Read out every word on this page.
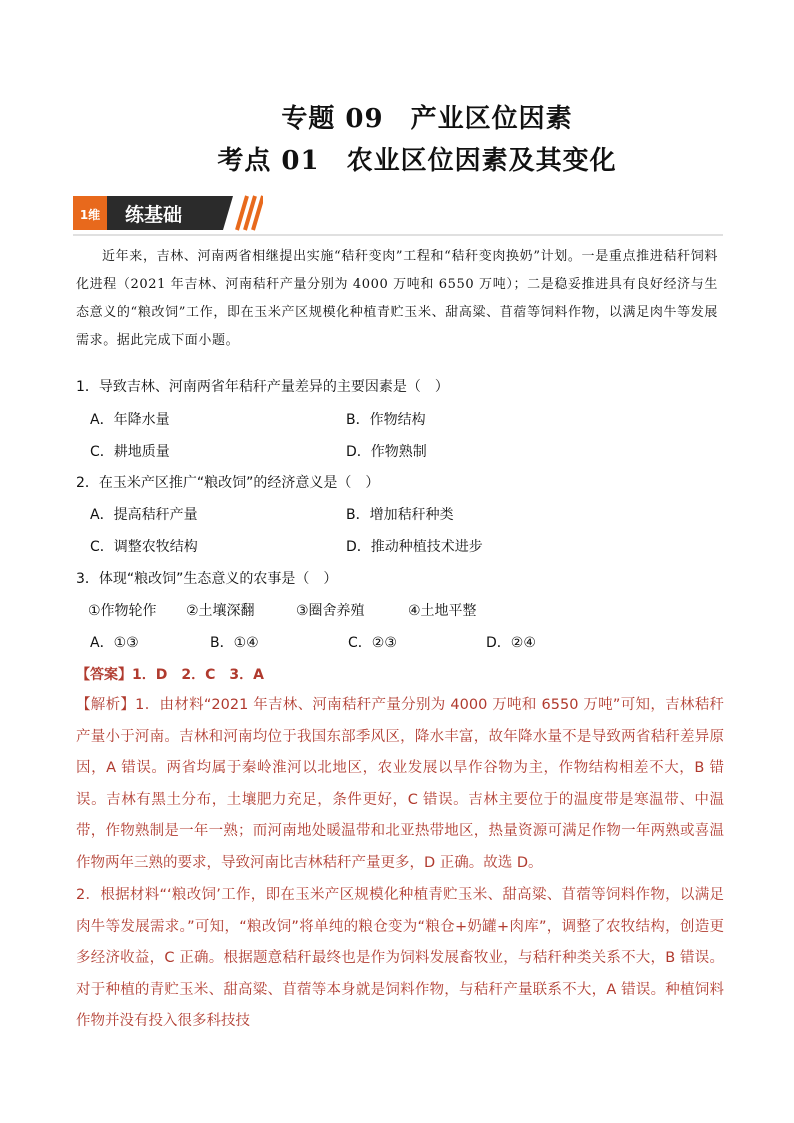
专题 09　产业区位因素
考点 01　农业区位因素及其变化
1维 练基础
近年来，吉林、河南两省相继提出实施“秸秆变肉”工程和“秸秆变肉换奶”计划。一是重点推进秸秆饲料化进程（2021 年吉林、河南秸秆产量分别为 4000 万吨和 6550 万吨）；二是稳妥推进具有良好经济与生态意义的“粮改饲”工作，即在玉米产区规模化种植青贮玉米、甜高粱、苜蓿等饲料作物，以满足肉牛等发展需求。据此完成下面小题。
1．导致吉林、河南两省年秸秆产量差异的主要因素是（　）
A．年降水量	B．作物结构
C．耕地质量	D．作物熟制
2．在玉米产区推广“粮改饲”的经济意义是（　）
A．提高秸秆产量	B．增加秸秆种类
C．调整农牧结构	D．推动种植技术进步
3．体现“粮改饲”生态意义的农事是（　）
①作物轮作 ②土壤深翻	③圈舍养殖	④土地平整
A．①③	B．①④	C．②③	D．②④
【答案】1．D　2．C　3．A
【解析】1．由材料“2021 年吉林、河南秸秆产量分别为 4000 万吨和 6550 万吨”可知，吉林秸秆产量小于河南。吉林和河南均位于我国东部季风区，降水丰富，故年降水量不是导致两省秸秆差异原因，A 错误。两省均属于秦岭淮河以北地区，农业发展以旱作谷物为主，作物结构相差不大，B 错误。吉林有黑土分布，土壤肥力充足，条件更好，C 错误。吉林主要位于的温度带是寒温带、中温带，作物熟制是一年一熟；而河南地处暖温带和北亚热带地区，热量资源可满足作物一年两熟或喜温作物两年三熟的要求，导致河南比吉林秸秆产量更多，D 正确。故选 D。
2．根据材料“‘粮改饲’工作，即在玉米产区规模化种植青贮玉米、甜高粱、苜蓿等饲料作物，以满足肉牛等发展需求。”可知，“粮改饲”将单纯的粮仓变为“粮仓+奶罐+肉库”，调整了农牧结构，创造更多经济收益，C 正确。根据题意秸秆最终也是作为饲料发展畜牧业，与秸秆种类关系不大，B 错误。对于种植的青贮玉米、甜高粱、苜蓿等本身就是饲料作物，与秸秆产量联系不大，A 错误。种植饲料作物并没有投入很多科技技
